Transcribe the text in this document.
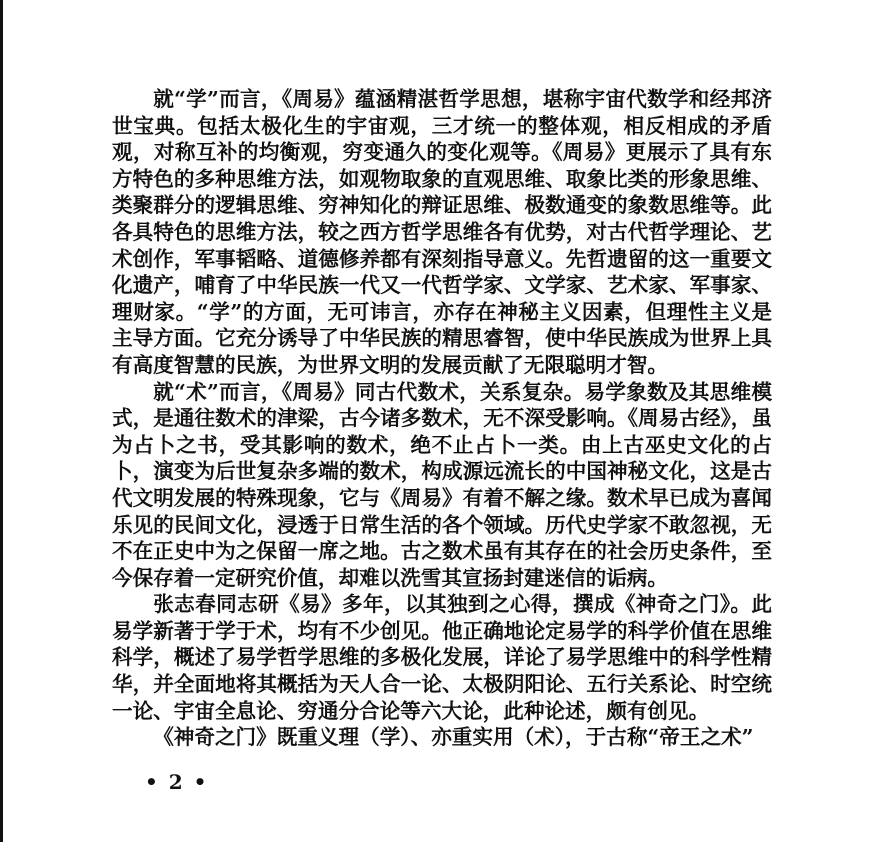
就“学”而言，《周易》蕴涵精湛哲学思想，堪称宇宙代数学和经邦济世宝典。包括太极化生的宇宙观，三才统一的整体观，相反相成的矛盾观，对称互补的均衡观，穷变通久的变化观等。《周易》更展示了具有东方特色的多种思维方法，如观物取象的直观思维、取象比类的形象思维、类聚群分的逻辑思维、穷神知化的辩证思维、极数通变的象数思维等。此各具特色的思维方法，较之西方哲学思维各有优势，对古代哲学理论、艺术创作，军事韬略、道德修养都有深刻指导意义。先哲遗留的这一重要文化遗产，哺育了中华民族一代又一代哲学家、文学家、艺术家、军事家、理财家。“学”的方面，无可讳言，亦存在神秘主义因素，但理性主义是主导方面。它充分诱导了中华民族的精思睿智，使中华民族成为世界上具有高度智慧的民族，为世界文明的发展贡献了无限聪明才智。

就“术”而言，《周易》同古代数术，关系复杂。易学象数及其思维模式，是通往数术的津梁，古今诸多数术，无不深受影响。《周易古经》，虽为占卜之书，受其影响的数术，绝不止占卜一类。由上古巫史文化的占卜，演变为后世复杂多端的数术，构成源远流长的中国神秘文化，这是古代文明发展的特殊现象，它与《周易》有着不解之缘。数术早已成为喜闻乐见的民间文化，浸透于日常生活的各个领域。历代史学家不敢忽视，无不在正史中为之保留一席之地。古之数术虽有其存在的社会历史条件，至今保存着一定研究价值，却难以洗雪其宣扬封建迷信的诟病。

张志春同志研《易》多年，以其独到之心得，撰成《神奇之门》。此易学新著于学于术，均有不少创见。他正确地论定易学的科学价值在思维科学，概述了易学哲学思维的多极化发展，详论了易学思维中的科学性精华，并全面地将其概括为天人合一论、太极阴阳论、五行关系论、时空统一论、宇宙全息论、穷通分合论等六大论，此种论述，颇有创见。

《神奇之门》既重义理（学）、亦重实用（术），于古称“帝王之术”

• 2 •
